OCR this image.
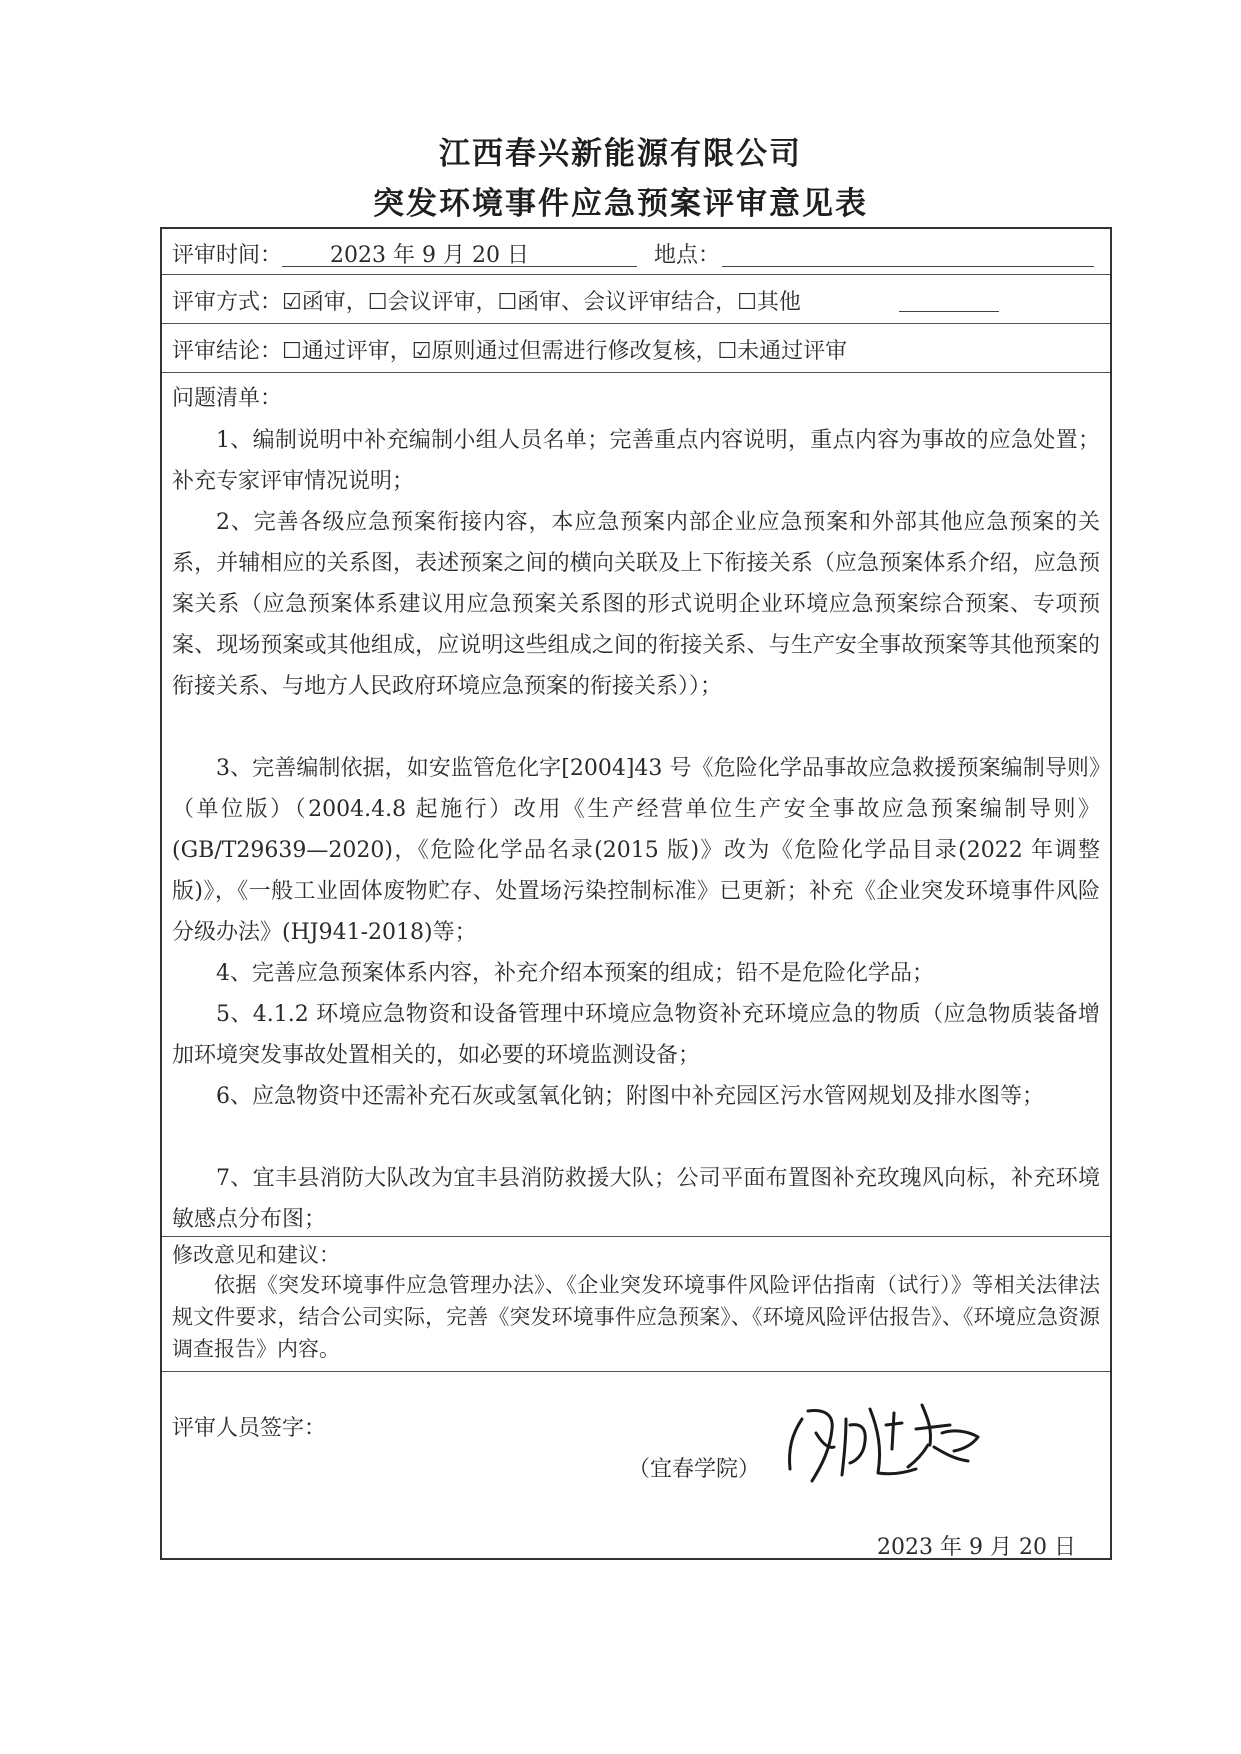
江西春兴新能源有限公司
突发环境事件应急预案评审意见表
评审时间： 2023 年 9 月 20 日	地点：
评审方式：☑函审，☐会议评审，☐函审、会议评审结合，☐其他
评审结论：☐通过评审，☑原则通过但需进行修改复核，☐未通过评审
问题清单：
1、编制说明中补充编制小组人员名单；完善重点内容说明，重点内容为事故的应急处置；补充专家评审情况说明；
2、完善各级应急预案衔接内容，本应急预案内部企业应急预案和外部其他应急预案的关系，并辅相应的关系图，表述预案之间的横向关联及上下衔接关系（应急预案体系介绍，应急预案关系（应急预案体系建议用应急预案关系图的形式说明企业环境应急预案综合预案、专项预案、现场预案或其他组成，应说明这些组成之间的衔接关系、与生产安全事故预案等其他预案的衔接关系、与地方人民政府环境应急预案的衔接关系））；
3、完善编制依据，如安监管危化字[2004]43 号《危险化学品事故应急救援预案编制导则》（单位版）（2004.4.8 起施行）改用《生产经营单位生产安全事故应急预案编制导则》(GB/T29639—2020)，《危险化学品名录(2015 版)》改为《危险化学品目录(2022 年调整版)》，《一般工业固体废物贮存、处置场污染控制标准》已更新；补充《企业突发环境事件风险分级办法》(HJ941-2018)等；
4、完善应急预案体系内容，补充介绍本预案的组成；铅不是危险化学品；
5、4.1.2 环境应急物资和设备管理中环境应急物资补充环境应急的物质（应急物质装备增加环境突发事故处置相关的，如必要的环境监测设备；
6、应急物资中还需补充石灰或氢氧化钠；附图中补充园区污水管网规划及排水图等；
7、宜丰县消防大队改为宜丰县消防救援大队；公司平面布置图补充玫瑰风向标，补充环境敏感点分布图；
修改意见和建议：
依据《突发环境事件应急管理办法》、《企业突发环境事件风险评估指南（试行）》等相关法律法规文件要求，结合公司实际，完善《突发环境事件应急预案》、《环境风险评估报告》、《环境应急资源调查报告》内容。
评审人员签字：
（宜春学院）
2023 年 9 月 20 日
